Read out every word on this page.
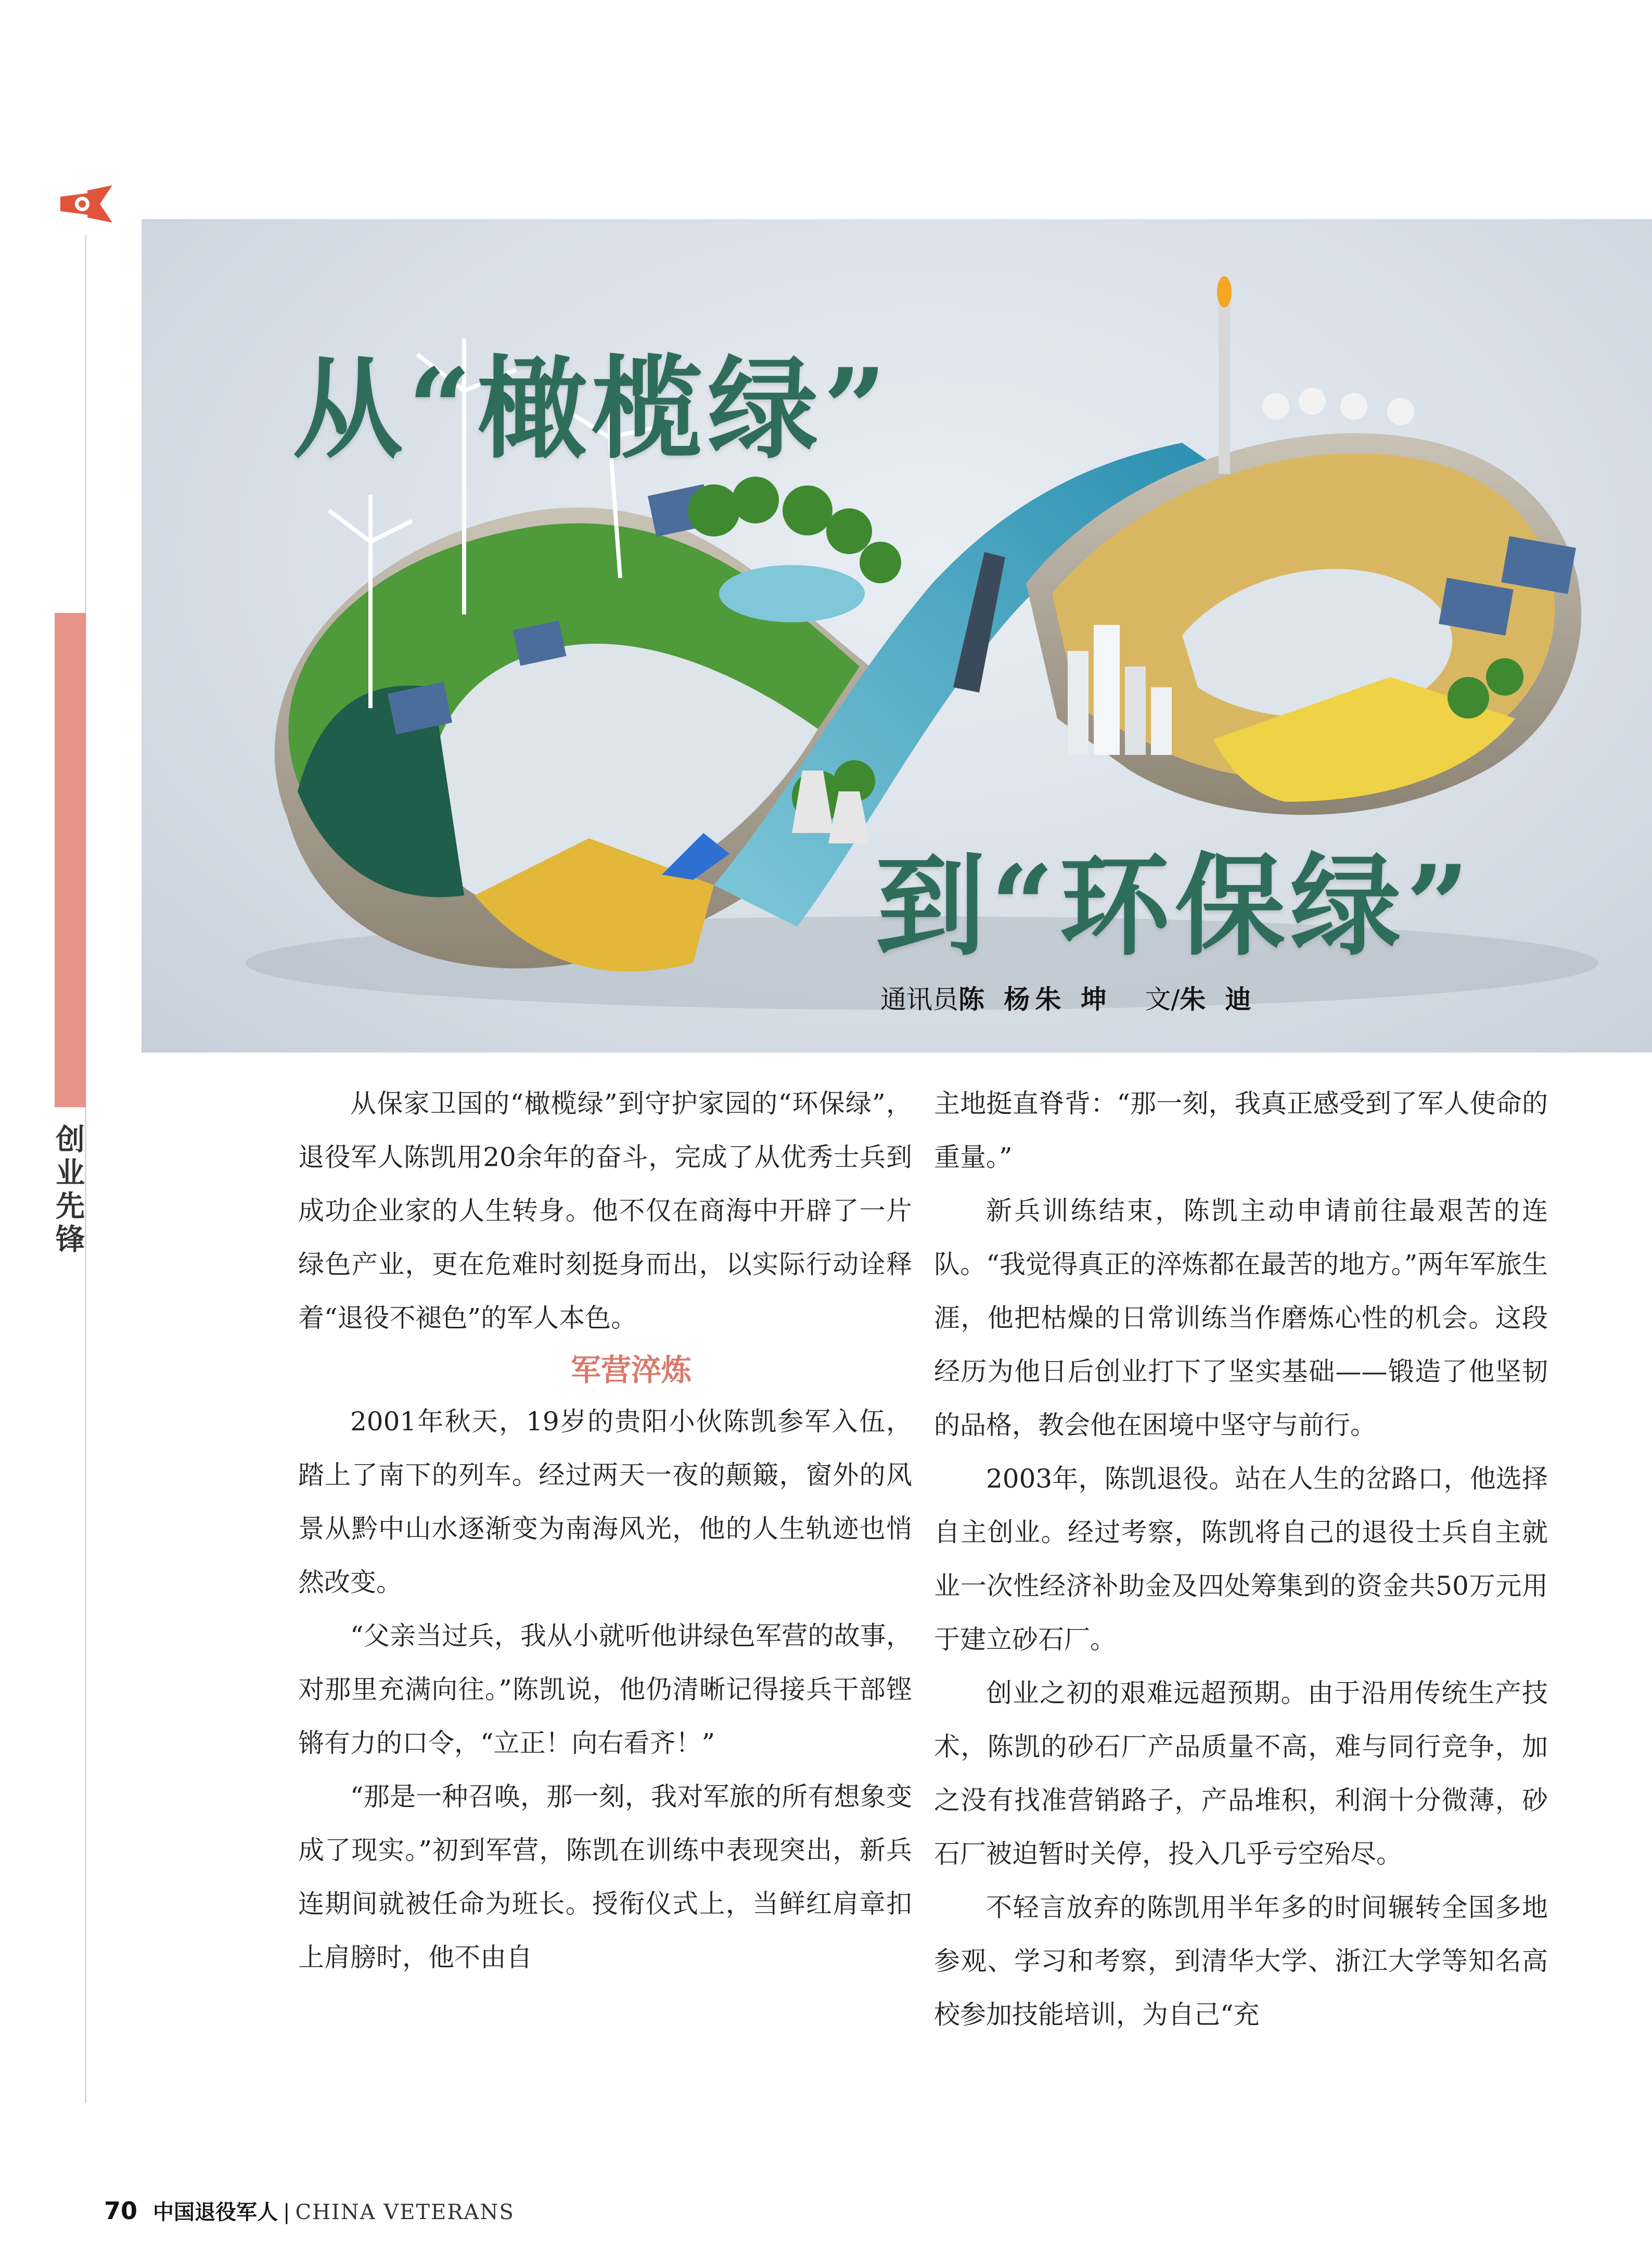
创业先锋
从“橄榄绿”
到“环保绿”
通讯员陈 杨朱 坤 文/朱 迪

从保家卫国的“橄榄绿”到守护家园的“环保绿”，退役军人陈凯用20余年的奋斗，完成了从优秀士兵到成功企业家的人生转身。他不仅在商海中开辟了一片绿色产业，更在危难时刻挺身而出，以实际行动诠释着“退役不褪色”的军人本色。

军营淬炼

2001年秋天，19岁的贵阳小伙陈凯参军入伍，踏上了南下的列车。经过两天一夜的颠簸，窗外的风景从黔中山水逐渐变为南海风光，他的人生轨迹也悄然改变。

“父亲当过兵，我从小就听他讲绿色军营的故事，对那里充满向往。”陈凯说，他仍清晰记得接兵干部铿锵有力的口令，“立正！向右看齐！”

“那是一种召唤，那一刻，我对军旅的所有想象变成了现实。”初到军营，陈凯在训练中表现突出，新兵连期间就被任命为班长。授衔仪式上，当鲜红肩章扣上肩膀时，他不由自

主地挺直脊背：“那一刻，我真正感受到了军人使命的重量。”

新兵训练结束，陈凯主动申请前往最艰苦的连队。“我觉得真正的淬炼都在最苦的地方。”两年军旅生涯，他把枯燥的日常训练当作磨炼心性的机会。这段经历为他日后创业打下了坚实基础——锻造了他坚韧的品格，教会他在困境中坚守与前行。

2003年，陈凯退役。站在人生的岔路口，他选择自主创业。经过考察，陈凯将自己的退役士兵自主就业一次性经济补助金及四处筹集到的资金共50万元用于建立砂石厂。

创业之初的艰难远超预期。由于沿用传统生产技术，陈凯的砂石厂产品质量不高，难与同行竞争，加之没有找准营销路子，产品堆积，利润十分微薄，砂石厂被迫暂时关停，投入几乎亏空殆尽。

不轻言放弃的陈凯用半年多的时间辗转全国多地参观、学习和考察，到清华大学、浙江大学等知名高校参加技能培训，为自己“充

70 中国退役军人 | CHINA VETERANS
